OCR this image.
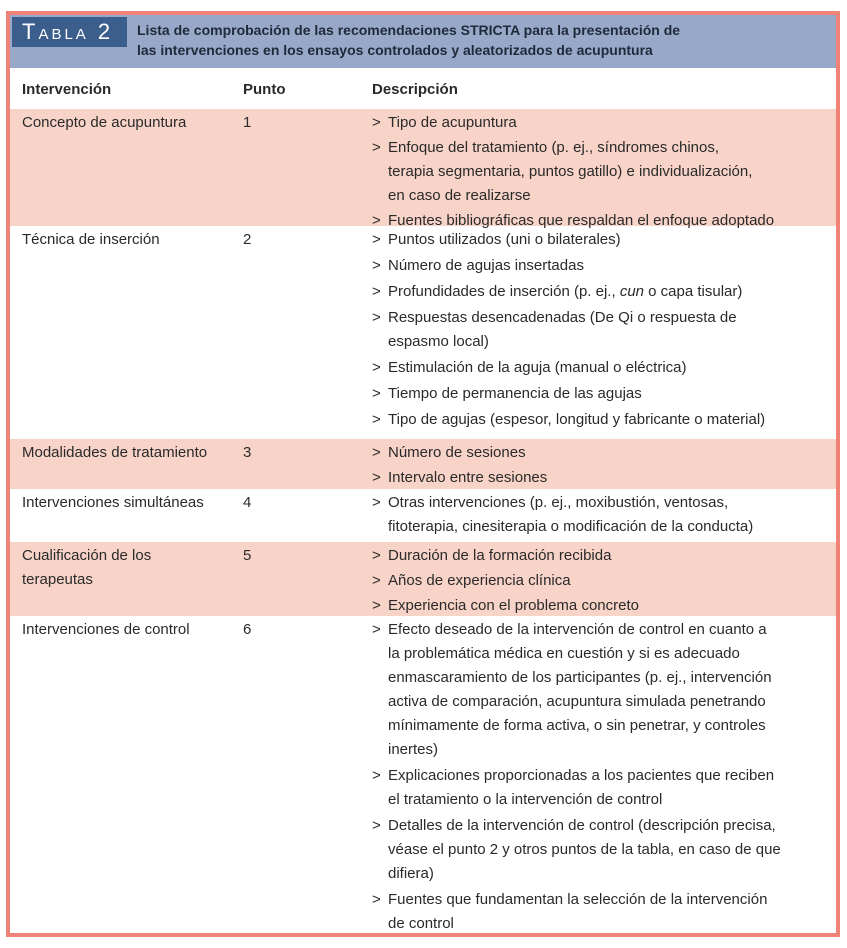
Tabla 2	Lista de comprobación de las recomendaciones STRICTA para la presentación de
las intervenciones en los ensayos controlados y aleatorizados de acupuntura
Intervención	Punto	Descripción
Concepto de acupuntura	1	> Tipo de acupuntura
> Enfoque del tratamiento (p. ej., síndromes chinos,
terapia segmentaria, puntos gatillo) e individualización,
en caso de realizarse
> Fuentes bibliográficas que respaldan el enfoque adoptado
Técnica de inserción	2	> Puntos utilizados (uni o bilaterales)
> Número de agujas insertadas
> Profundidades de inserción (p. ej., cun o capa tisular)
> Respuestas desencadenadas (De Qi o respuesta de
espasmo local)
> Estimulación de la aguja (manual o eléctrica)
> Tiempo de permanencia de las agujas
> Tipo de agujas (espesor, longitud y fabricante o material)
Modalidades de tratamiento 3	> Número de sesiones
> Intervalo entre sesiones
Intervenciones simultáneas	4	> Otras intervenciones (p. ej., moxibustión, ventosas,
fitoterapia, cinesiterapia o modificación de la conducta)
Cualificación de los
terapeutas
5	> Duración de la formación recibida
> Años de experiencia clínica
> Experiencia con el problema concreto
Intervenciones de control	6	> Efecto deseado de la intervención de control en cuanto a
la problemática médica en cuestión y si es adecuado
enmascaramiento de los participantes (p. ej., intervención
activa de comparación, acupuntura simulada penetrando
mínimamente de forma activa, o sin penetrar, y controles
inertes)
> Explicaciones proporcionadas a los pacientes que reciben
el tratamiento o la intervención de control
> Detalles de la intervención de control (descripción precisa,
véase el punto 2 y otros puntos de la tabla, en caso de que
difiera)
> Fuentes que fundamentan la selección de la intervención
de control
